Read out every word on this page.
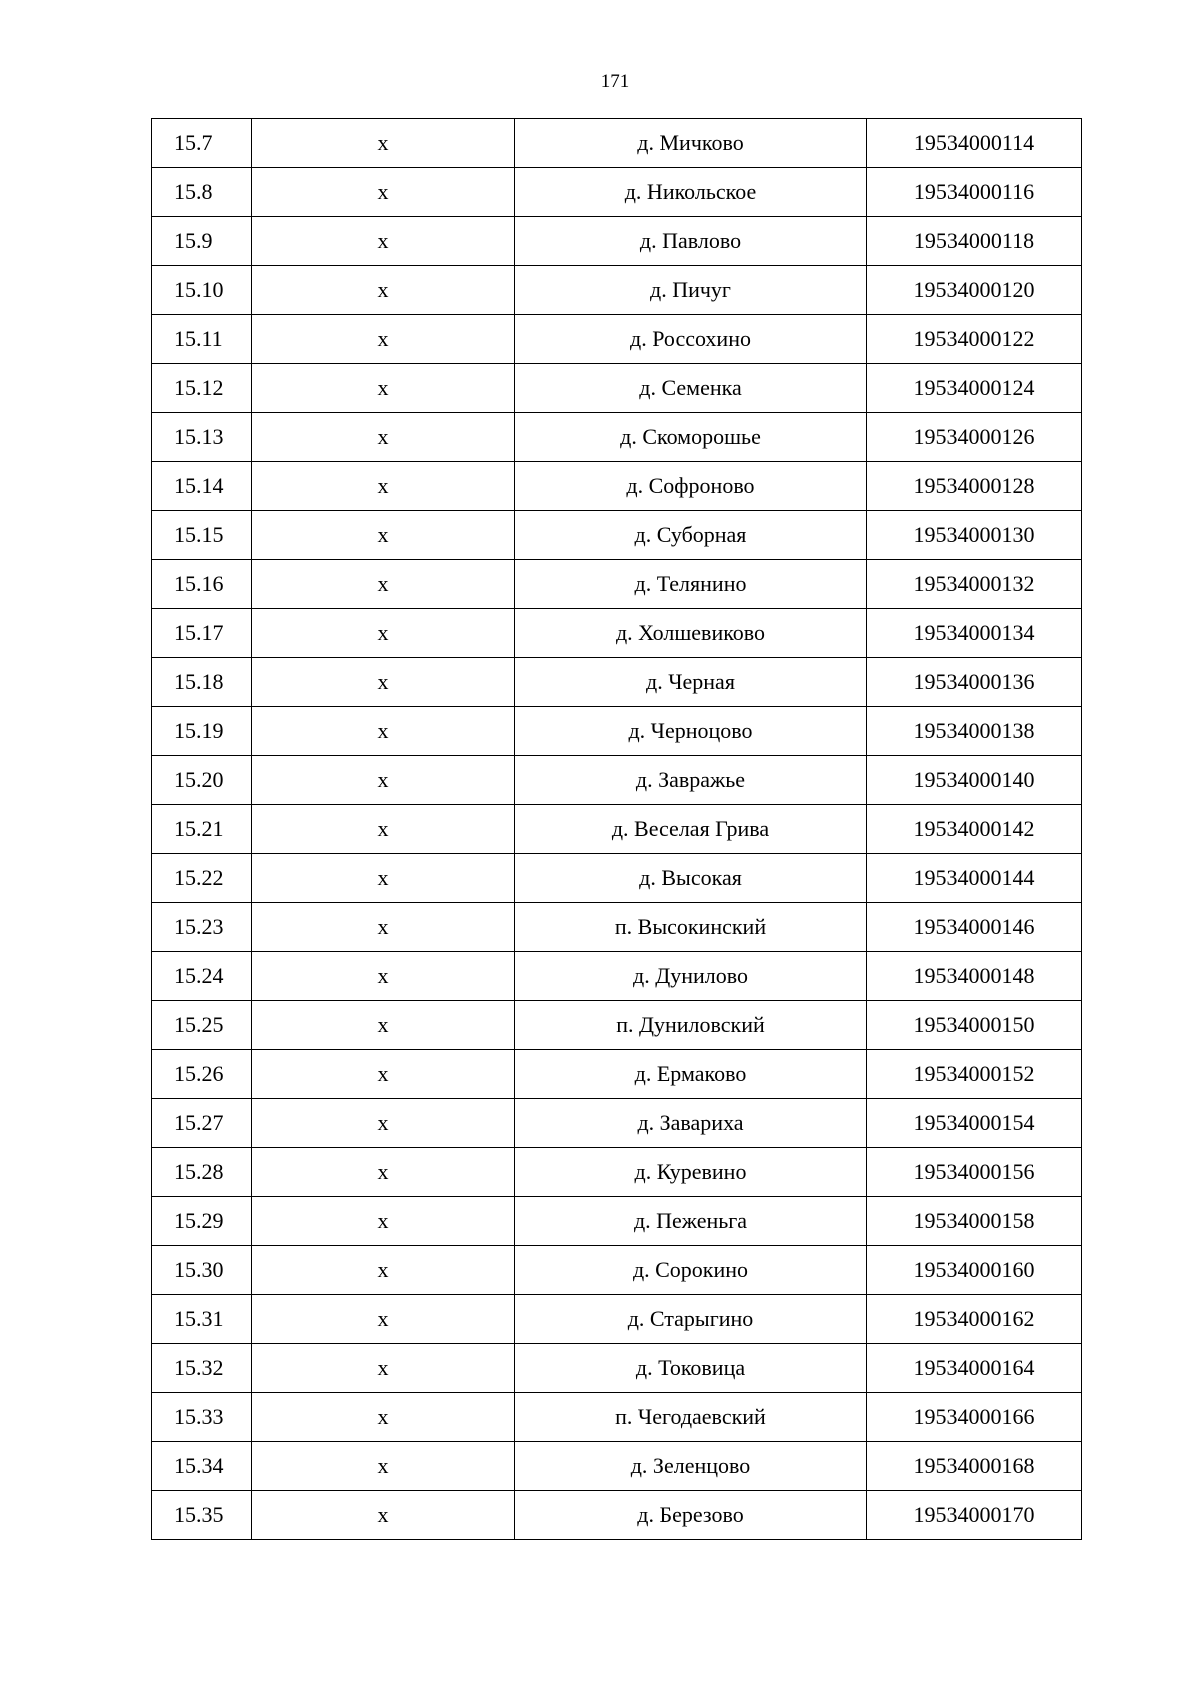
171
15.7	х	д. Мичково	19534000114
15.8	х	д. Никольское	19534000116
15.9	х	д. Павлово	19534000118
15.10	х	д. Пичуг	19534000120
15.11	х	д. Россохино	19534000122
15.12	х	д. Семенка	19534000124
15.13	х	д. Скоморошье	19534000126
15.14	х	д. Софроново	19534000128
15.15	х	д. Суборная	19534000130
15.16	х	д. Телянино	19534000132
15.17	х	д. Холшевиково	19534000134
15.18	х	д. Черная	19534000136
15.19	х	д. Черноцово	19534000138
15.20	х	д. Завражье	19534000140
15.21	х	д. Веселая Грива	19534000142
15.22	х	д. Высокая	19534000144
15.23	х	п. Высокинский	19534000146
15.24	х	д. Дунилово	19534000148
15.25	х	п. Дуниловский	19534000150
15.26	х	д. Ермаково	19534000152
15.27	х	д. Завариха	19534000154
15.28	х	д. Куревино	19534000156
15.29	х	д. Пеженьга	19534000158
15.30	х	д. Сорокино	19534000160
15.31	х	д. Старыгино	19534000162
15.32	х	д. Токовица	19534000164
15.33	х	п. Чегодаевский	19534000166
15.34	х	д. Зеленцово	19534000168
15.35	х	д. Березово	19534000170
